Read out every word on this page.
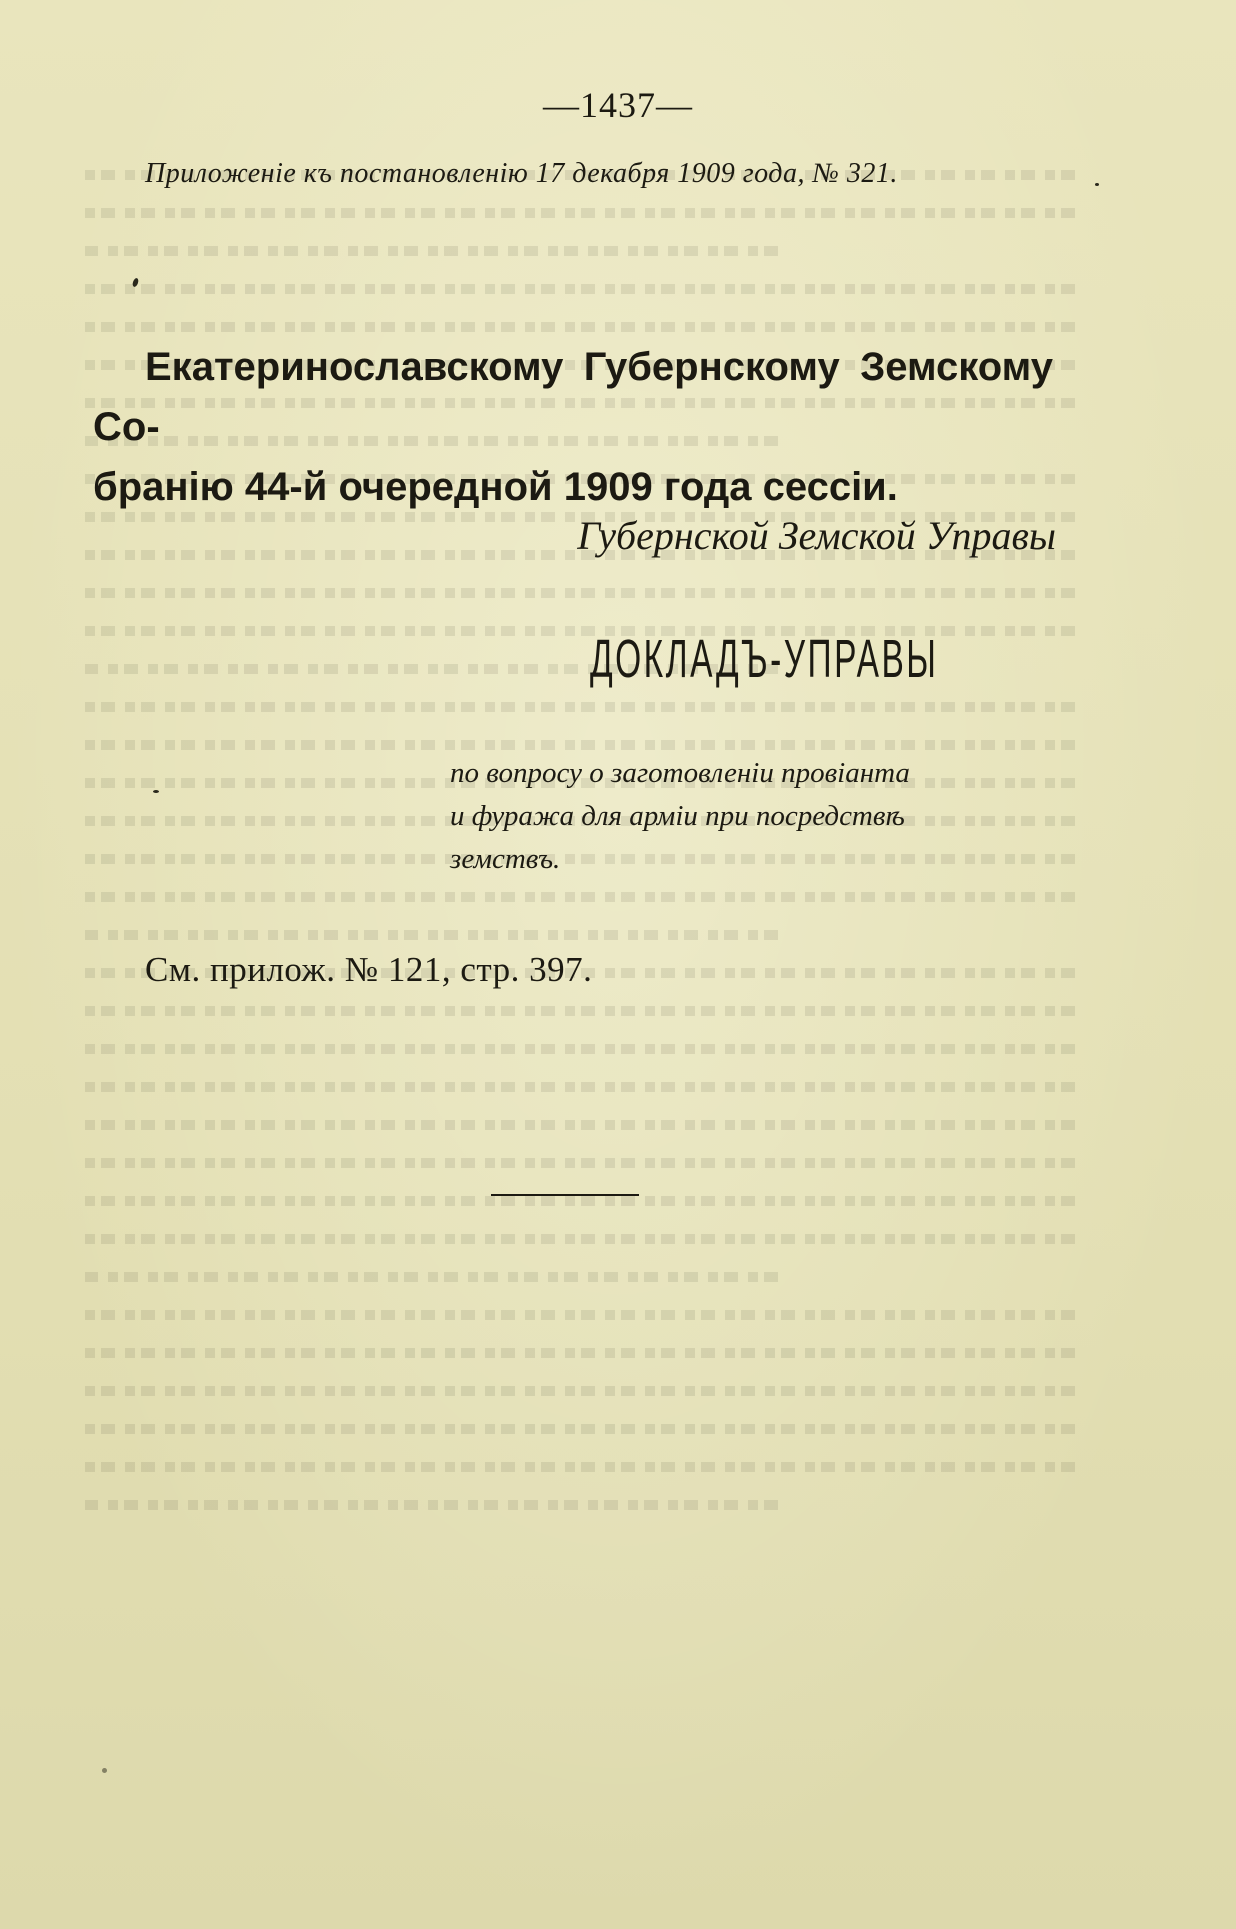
—1437—
Приложеніе къ постановленію 17 декабря 1909 года, № 321.
Екатеринославскому Губернскому Земскому Со-
бранію 44-й очередной 1909 года сессіи.
Губернской Земской Управы
ДОКЛАДЪ-УПРАВЫ
по вопросу о заготовленіи провіанта
и фуража для арміи при посредствѣ
земствъ.
См. прилож. № 121, стр. 397.
